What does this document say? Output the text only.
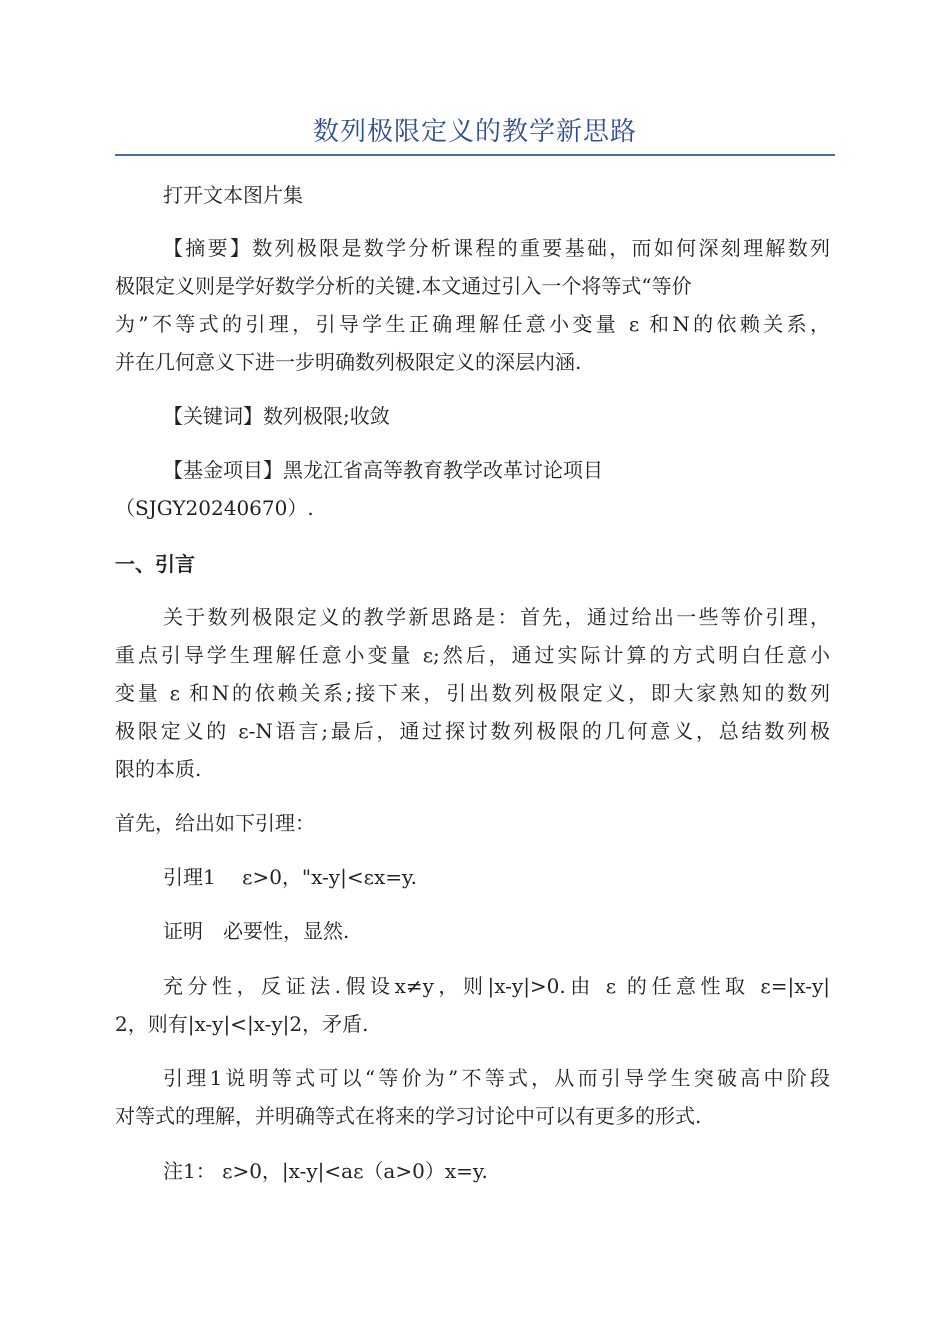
数列极限定义的教学新思路
打开文本图片集
【摘要】数列极限是数学分析课程的重要基础，而如何深刻理解数列
极限定义则是学好数学分析的关键.本文通过引入一个将等式“等价
为”不等式的引理，引导学生正确理解任意小变量 ε 和N的依赖关系，
并在几何意义下进一步明确数列极限定义的深层内涵.
【关键词】数列极限;收敛
【基金项目】黑龙江省高等教育教学改革讨论项目
（SJGY20240670）.
一、引言
关于数列极限定义的教学新思路是：首先，通过给出一些等价引理，
重点引导学生理解任意小变量 ε;然后，通过实际计算的方式明白任意小
变量 ε 和N的依赖关系;接下来，引出数列极限定义，即大家熟知的数列
极限定义的 ε-N语言;最后，通过探讨数列极限的几何意义，总结数列极
限的本质.
首先，给出如下引理：
引理1　 ε>0，"x-y|<εx=y.
证明　必要性，显然.
充分性，反证法.假设x≠y，则|x-y|>0.由 ε 的任意性取 ε=|x-y|
2，则有|x-y|<|x-y|2，矛盾.
引理1说明等式可以“等价为”不等式，从而引导学生突破高中阶段
对等式的理解，并明确等式在将来的学习讨论中可以有更多的形式.
注1： ε>0，|x-y|<aε（a>0）x=y.
